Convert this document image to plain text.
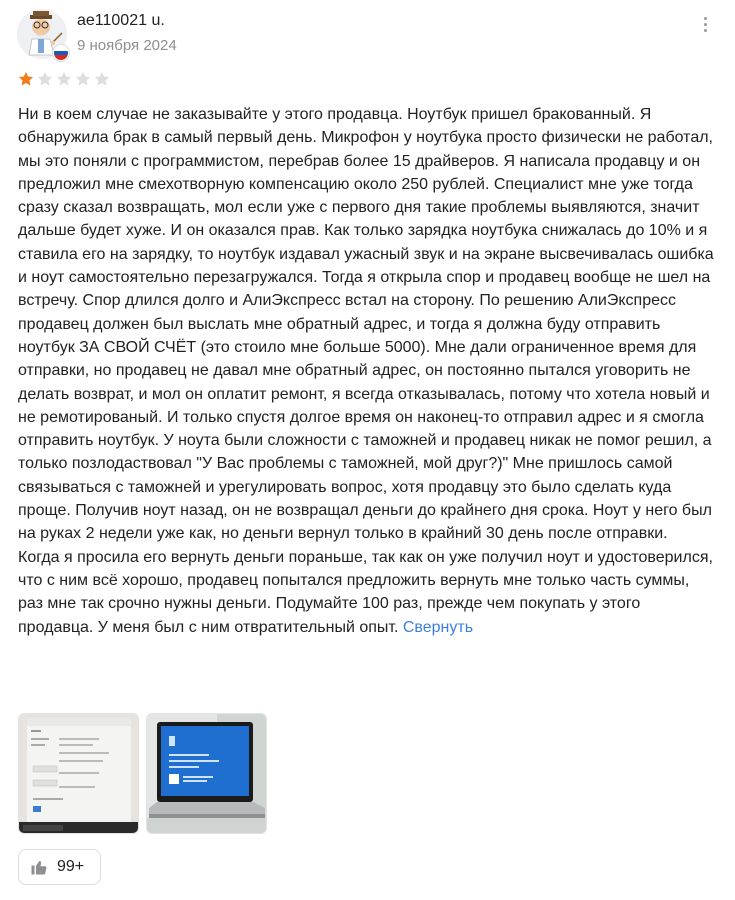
ae110021 u.
9 ноября 2024

Ни в коем случае не заказывайте у этого продавца. Ноутбук пришел бракованный. Я обнаружила брак в самый первый день. Микрофон у ноутбука просто физически не работал, мы это поняли с программистом, перебрав более 15 драйверов. Я написала продавцу и он предложил мне смехотворную компенсацию около 250 рублей. Специалист мне уже тогда сразу сказал возвращать, мол если уже с первого дня такие проблемы выявляются, значит дальше будет хуже. И он оказался прав. Как только зарядка ноутбука снижалась до 10% и я ставила его на зарядку, то ноутбук издавал ужасный звук и на экране высвечивалась ошибка и ноут самостоятельно перезагружался. Тогда я открыла спор и продавец вообще не шел на встречу. Спор длился долго и АлиЭкспресс встал на сторону. По решению АлиЭкспресс продавец должен был выслать мне обратный адрес, и тогда я должна буду отправить ноутбук ЗА СВОЙ СЧЁТ (это стоило мне больше 5000). Мне дали ограниченное время для отправки, но продавец не давал мне обратный адрес, он постоянно пытался уговорить не делать возврат, и мол он оплатит ремонт, я всегда отказывалась, потому что хотела новый и не ремотированый. И только спустя долгое время он наконец-то отправил адрес и я смогла отправить ноутбук. У ноута были сложности с таможней и продавец никак не помог решил, а только позлодаствовал "У Вас проблемы с таможней, мой друг?)" Мне пришлось самой связываться с таможней и урегулировать вопрос, хотя продавцу это было сделать куда проще. Получив ноут назад, он не возвращал деньги до крайнего дня срока. Ноут у него был на руках 2 недели уже как, но деньги вернул только в крайний 30 день после отправки.

Когда я просила его вернуть деньги пораньше, так как он уже получил ноут и удостоверился, что с ним всё хорошо, продавец попытался предложить вернуть мне только часть суммы, раз мне так срочно нужны деньги. Подумайте 100 раз, прежде чем покупать у этого продавца. У меня был с ним отвратительный опыт. Свернуть

99+
